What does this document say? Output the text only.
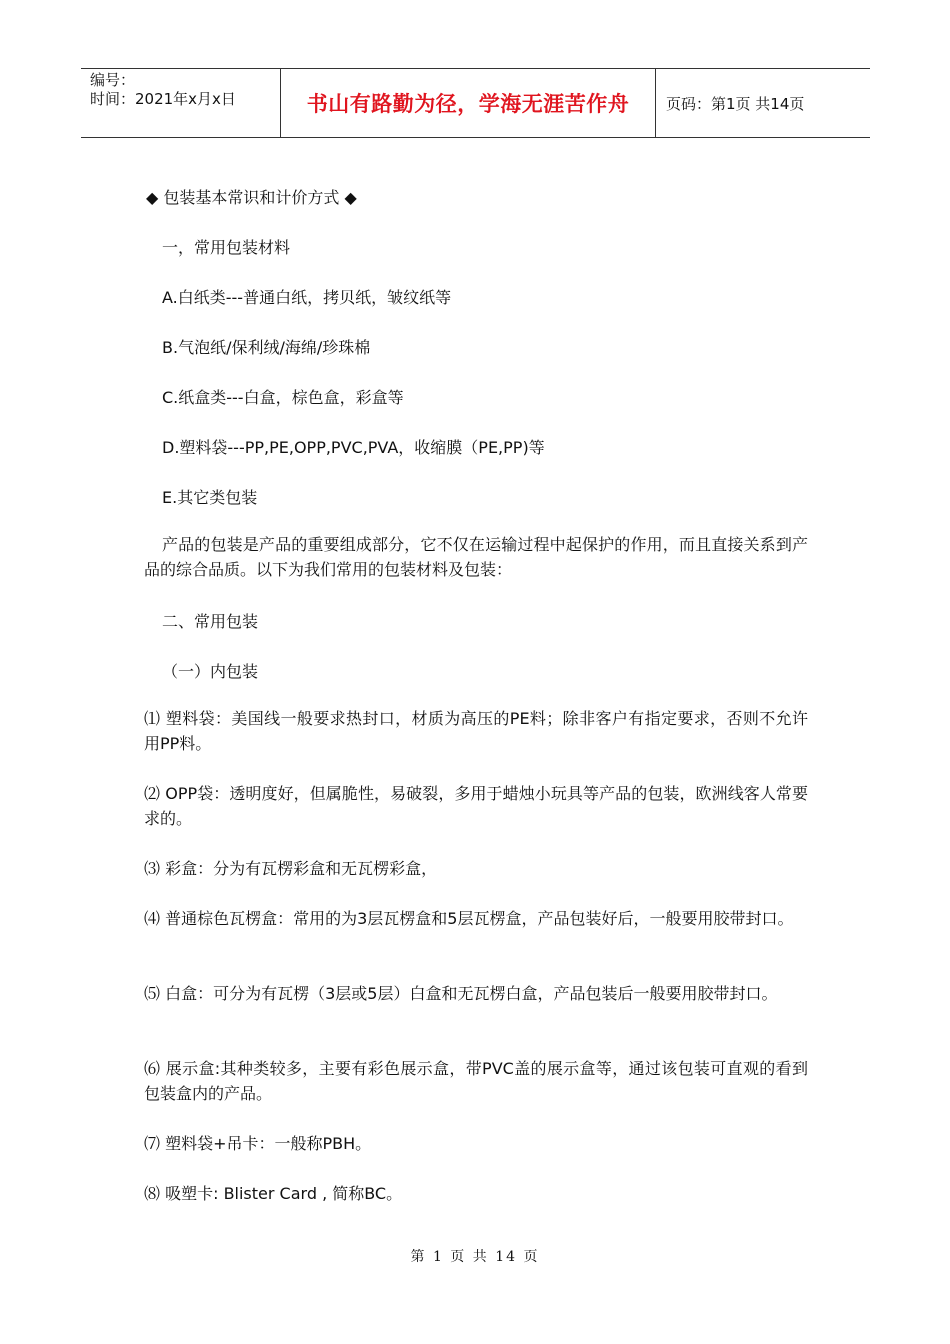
编号：
时间：2021年x月x日	书山有路勤为径，学海无涯苦作舟	页码：第1页 共14页
◆ 包装基本常识和计价方式 ◆
一，常用包装材料
A.白纸类---普通白纸，拷贝纸，皱纹纸等
B.气泡纸/保利绒/海绵/珍珠棉
C.纸盒类---白盒，棕色盒，彩盒等
D.塑料袋---PP,PE,OPP,PVC,PVA，收缩膜（PE,PP)等
E.其它类包装
产品的包装是产品的重要组成部分，它不仅在运输过程中起保护的作用，而且直接关系到产品的综合品质。以下为我们常用的包装材料及包装：
二、常用包装
（一）内包装
⑴ 塑料袋：美国线一般要求热封口，材质为高压的PE料；除非客户有指定要求，否则不允许用PP料。
⑵ OPP袋：透明度好，但属脆性，易破裂，多用于蜡烛小玩具等产品的包装，欧洲线客人常要求的。
⑶ 彩盒：分为有瓦楞彩盒和无瓦楞彩盒，
⑷ 普通棕色瓦楞盒：常用的为3层瓦楞盒和5层瓦楞盒，产品包装好后，一般要用胶带封口。
⑸ 白盒：可分为有瓦楞（3层或5层）白盒和无瓦楞白盒，产品包装后一般要用胶带封口。
⑹ 展示盒:其种类较多，主要有彩色展示盒，带PVC盖的展示盒等，通过该包装可直观的看到包装盒内的产品。
⑺ 塑料袋+吊卡：一般称PBH。
⑻ 吸塑卡: Blister Card , 简称BC。
第 1 页 共 14 页
